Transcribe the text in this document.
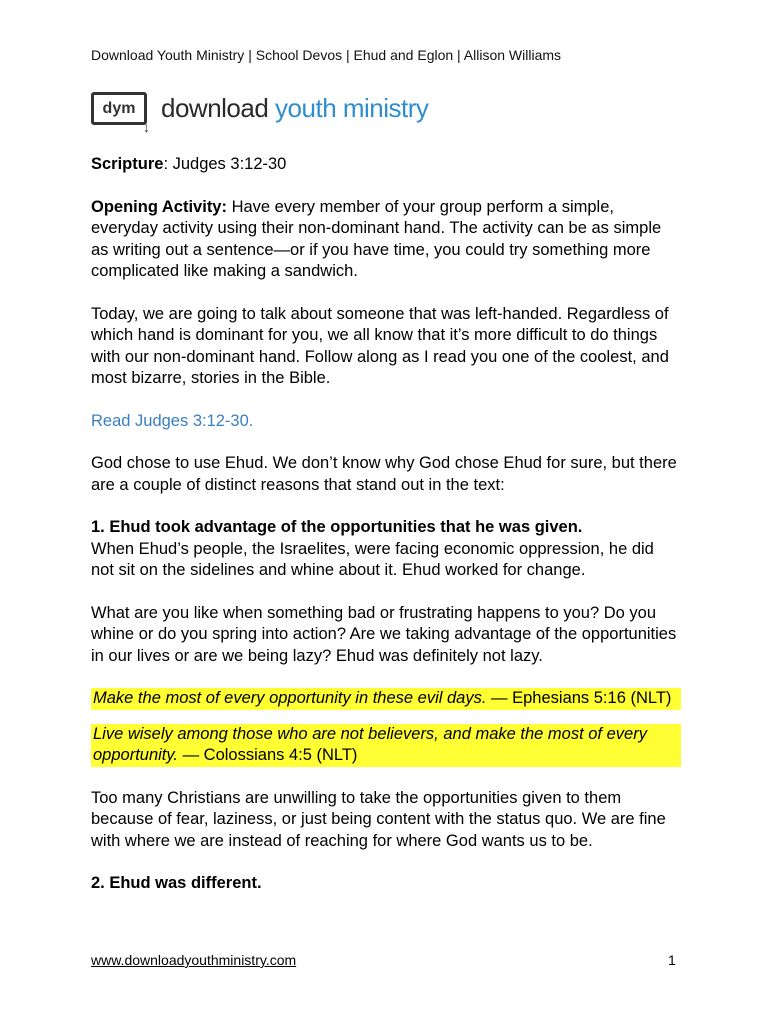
Download Youth Ministry | School Devos | Ehud and Eglon | Allison Williams
dym
↓
download youth ministry

Scripture: Judges 3:12-30

Opening Activity: Have every member of your group perform a simple, everyday activity using their non-dominant hand. The activity can be as simple as writing out a sentence—or if you have time, you could try something more complicated like making a sandwich.

Today, we are going to talk about someone that was left-handed. Regardless of which hand is dominant for you, we all know that it’s more difficult to do things with our non-dominant hand. Follow along as I read you one of the coolest, and most bizarre, stories in the Bible.

Read Judges 3:12-30.

God chose to use Ehud. We don’t know why God chose Ehud for sure, but there are a couple of distinct reasons that stand out in the text:

1. Ehud took advantage of the opportunities that he was given.
When Ehud’s people, the Israelites, were facing economic oppression, he did not sit on the sidelines and whine about it. Ehud worked for change.

What are you like when something bad or frustrating happens to you? Do you whine or do you spring into action? Are we taking advantage of the opportunities in our lives or are we being lazy? Ehud was definitely not lazy.

Make the most of every opportunity in these evil days. — Ephesians 5:16 (NLT)

Live wisely among those who are not believers, and make the most of every opportunity. — Colossians 4:5 (NLT)

Too many Christians are unwilling to take the opportunities given to them because of fear, laziness, or just being content with the status quo. We are fine with where we are instead of reaching for where God wants us to be.

2. Ehud was different.

www.downloadyouthministry.com	1
